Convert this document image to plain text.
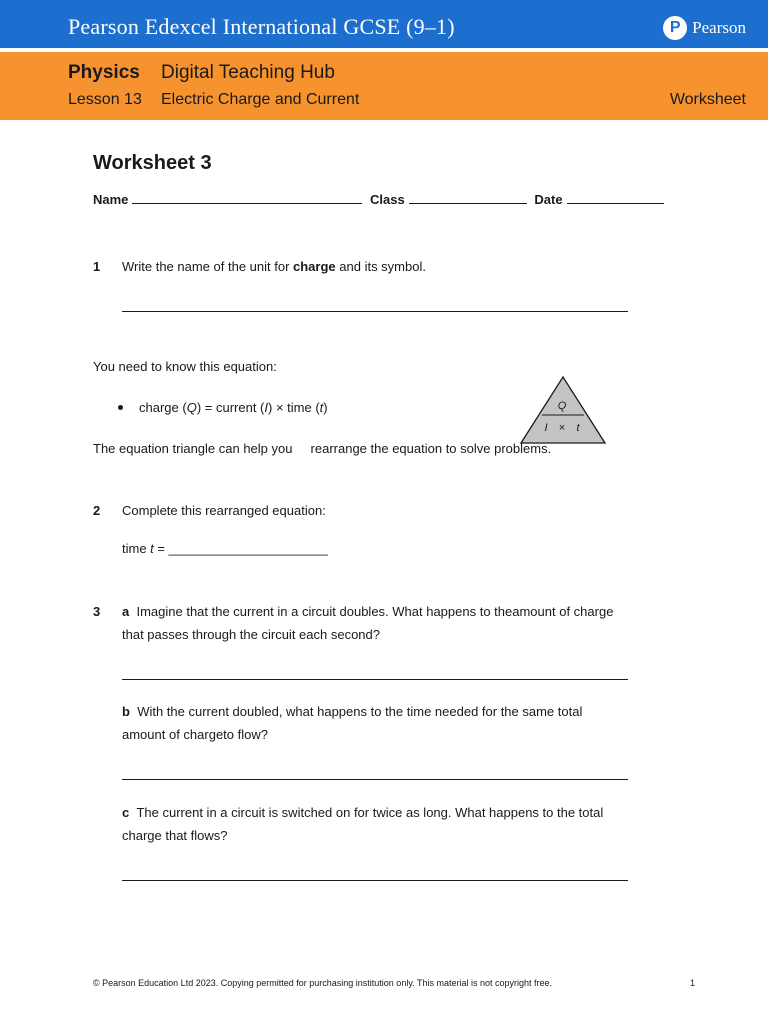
Pearson Edexcel International GCSE (9–1)	P Pearson
Physics Digital Teaching Hub
Lesson 13 Electric Charge and Current	Worksheet
Worksheet 3
Name	Class	Date
1 Write the name of the unit for charge and its symbol.
You need to know this equation:
charge (Q) = current (I) × time (t)	Q
I × t
The equation triangle can help you     rearrange the equation to solve problems.
2 Complete this rearranged equation:
time t = ______________________
3 a Imagine that the current in a circuit doubles. What happens to theamount of charge
that passes through the circuit each second?
b With the current doubled, what happens to the time needed for the same total
amount of chargeto flow?
c The current in a circuit is switched on for twice as long. What happens to the total
charge that flows?
© Pearson Education Ltd 2023. Copying permitted for purchasing institution only. This material is not copyright free.	1
